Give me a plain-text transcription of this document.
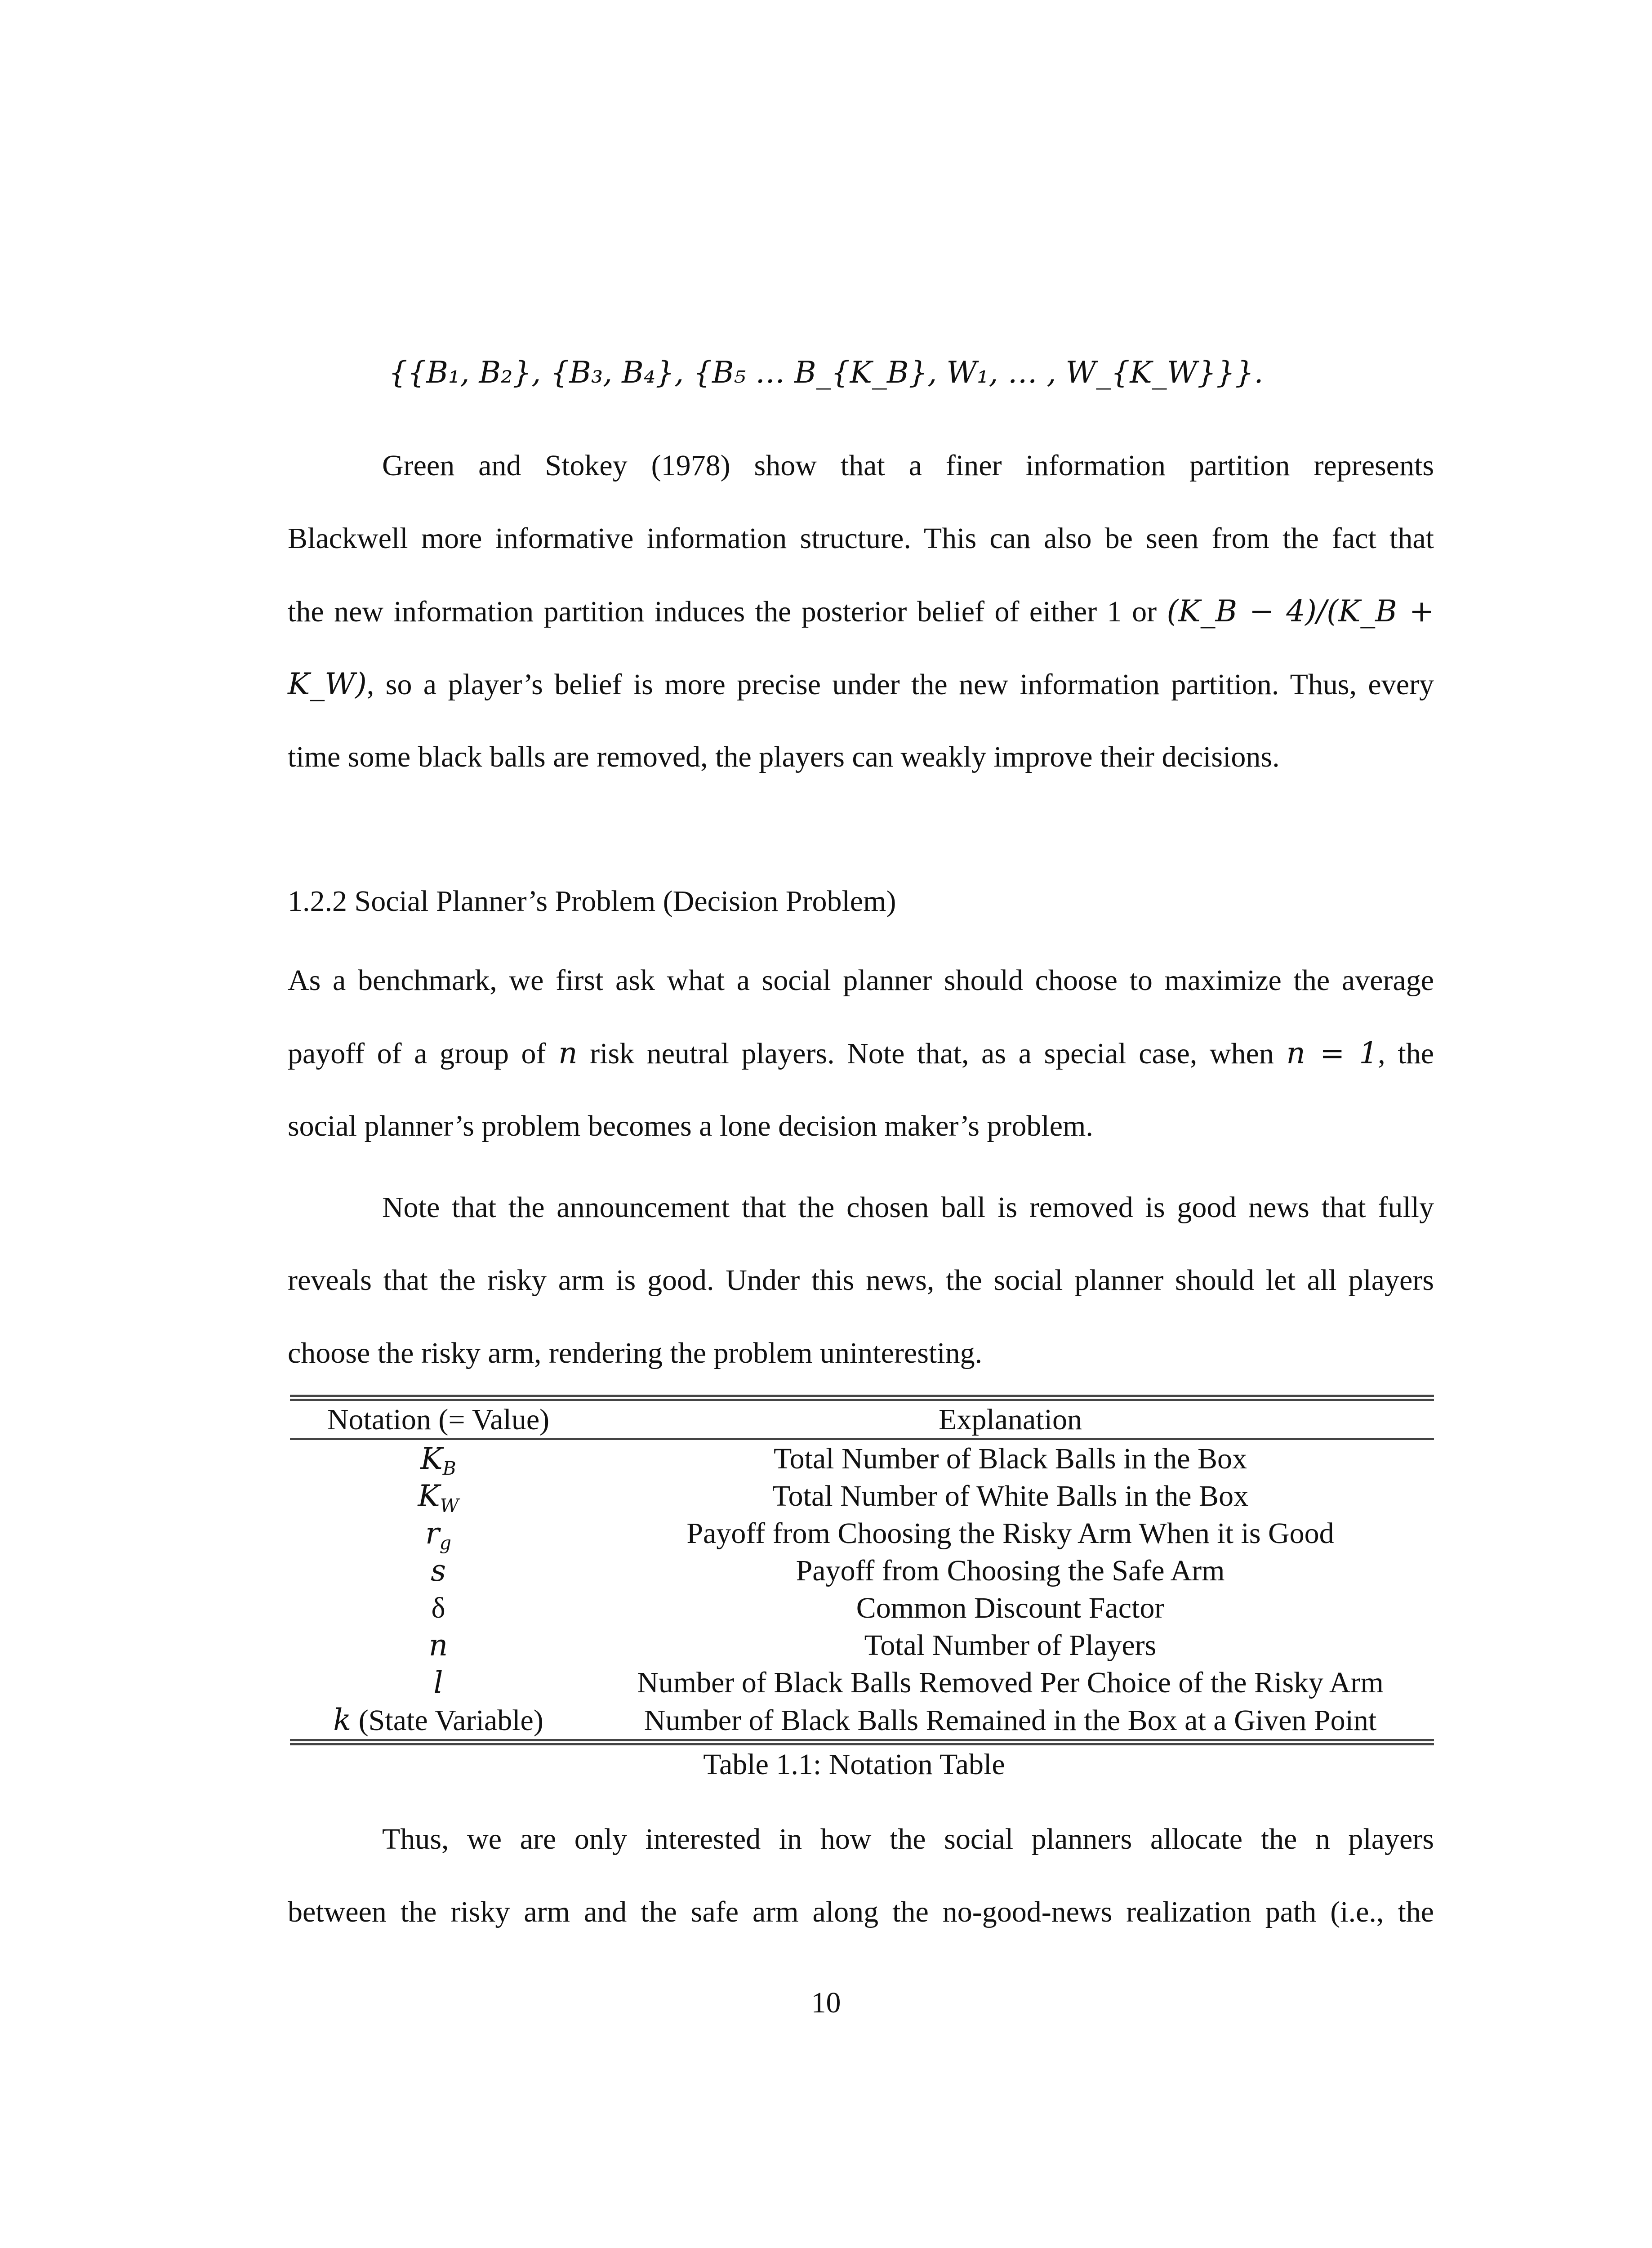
{{B₁, B₂}, {B₃, B₄}, {B₅ … B_{K_B}, W₁, … , W_{K_W}}}.
Green and Stokey (1978) show that a finer information partition represents
Blackwell more informative information structure. This can also be seen from the fact that
the new information partition induces the posterior belief of either 1 or (K_B − 4)/(K_B +
K_W), so a player’s belief is more precise under the new information partition. Thus, every
time some black balls are removed, the players can weakly improve their decisions.
1.2.2 Social Planner’s Problem (Decision Problem)
As a benchmark, we first ask what a social planner should choose to maximize the average
payoff of a group of n risk neutral players. Note that, as a special case, when n = 1, the
social planner’s problem becomes a lone decision maker’s problem.
Note that the announcement that the chosen ball is removed is good news that fully
reveals that the risky arm is good. Under this news, the social planner should let all players
choose the risky arm, rendering the problem uninteresting.
Notation (= Value)	Explanation
$K_B$	Total Number of Black Balls in the Box
$K_W$	Total Number of White Balls in the Box
$r_g$	Payoff from Choosing the Risky Arm When it is Good
s	Payoff from Choosing the Safe Arm
δ	Common Discount Factor
n	Total Number of Players
l	Number of Black Balls Removed Per Choice of the Risky Arm
k (State Variable)	Number of Black Balls Remained in the Box at a Given Point
Table 1.1: Notation Table
Thus, we are only interested in how the social planners allocate the n players
between the risky arm and the safe arm along the no-good-news realization path (i.e., the
10
